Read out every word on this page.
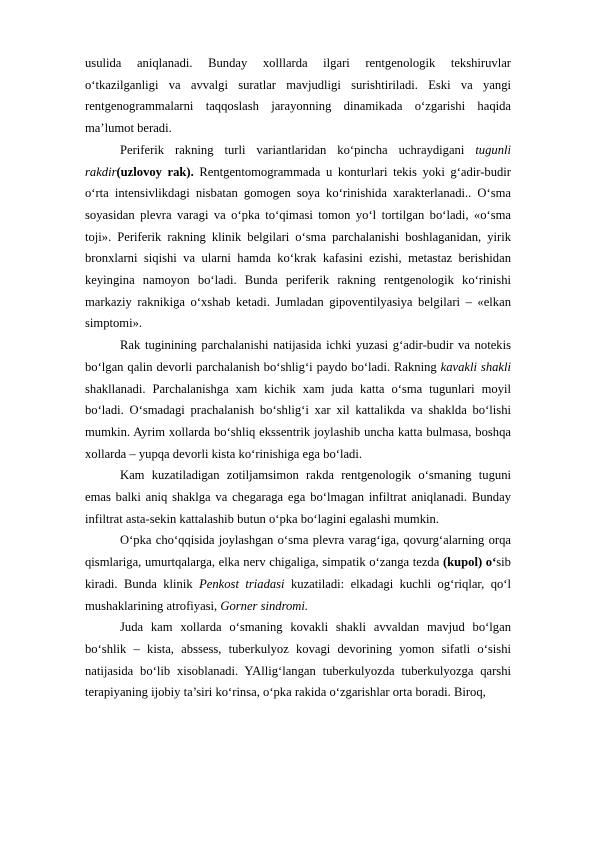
usulida aniqlanadi. Bunday xolllarda ilgari rentgenologik tekshiruvlar o‘tkazilganligi va avvalgi suratlar mavjudligi surishtiriladi. Eski va yangi rentgenogrammalarni taqqoslash jarayonning dinamikada o‘zgarishi haqida ma’lumot beradi.

Periferik rakning turli variantlaridan ko‘pincha uchraydigani tugunli rakdir(uzlovoy rak). Rentgentomogrammada u konturlari tekis yoki g‘adir-budir o‘rta intensivlikdagi nisbatan gomogen soya ko‘rinishida xarakterlanadi.. O‘sma soyasidan plevra varagi va o‘pka to‘qimasi tomon yo‘l tortilgan bo‘ladi, «o‘sma toji». Periferik rakning klinik belgilari o‘sma parchalanishi boshlaganidan, yirik bronxlarni siqishi va ularni hamda ko‘krak kafasini ezishi, metastaz berishidan keyingina namoyon bo‘ladi. Bunda periferik rakning rentgenologik ko‘rinishi markaziy raknikiga o‘xshab ketadi. Jumladan gipoventilyasiya belgilari – «elkan simptomi».

Rak tuginining parchalanishi natijasida ichki yuzasi g‘adir-budir va notekis bo‘lgan qalin devorli parchalanish bo‘shlig‘i paydo bo‘ladi. Rakning kavakli shakli shakllanadi. Parchalanishga xam kichik xam juda katta o‘sma tugunlari moyil bo‘ladi. O‘smadagi prachalanish bo‘shlig‘i xar xil kattalikda va shaklda bo‘lishi mumkin. Ayrim xollarda bo‘shliq ekssentrik joylashib uncha katta bulmasa, boshqa xollarda – yupqa devorli kista ko‘rinishiga ega bo‘ladi.

Kam kuzatiladigan zotiljamsimon rakda rentgenologik o‘smaning tuguni emas balki aniq shaklga va chegaraga ega bo‘lmagan infiltrat aniqlanadi. Bunday infiltrat asta-sekin kattalashib butun o‘pka bo‘lagini egalashi mumkin.

O‘pka cho‘qqisida joylashgan o‘sma plevra varag‘iga, qovurg‘alarning orqa qismlariga, umurtqalarga, elka nerv chigaliga, simpatik o‘zanga tezda (kupol) o‘sib kiradi. Bunda klinik Penkost triadasi kuzatiladi: elkadagi kuchli og‘riqlar, qo‘l mushaklarining atrofiyasi, Gorner sindromi.

Juda kam xollarda o‘smaning kovakli shakli avvaldan mavjud bo‘lgan bo‘shlik – kista, abssess, tuberkulyoz kovagi devorining yomon sifatli o‘sishi natijasida bo‘lib xisoblanadi. YAllig‘langan tuberkulyozda tuberkulyozga qarshi terapiyaning ijobiy ta’siri ko‘rinsa, o‘pka rakida o‘zgarishlar orta boradi. Biroq,
